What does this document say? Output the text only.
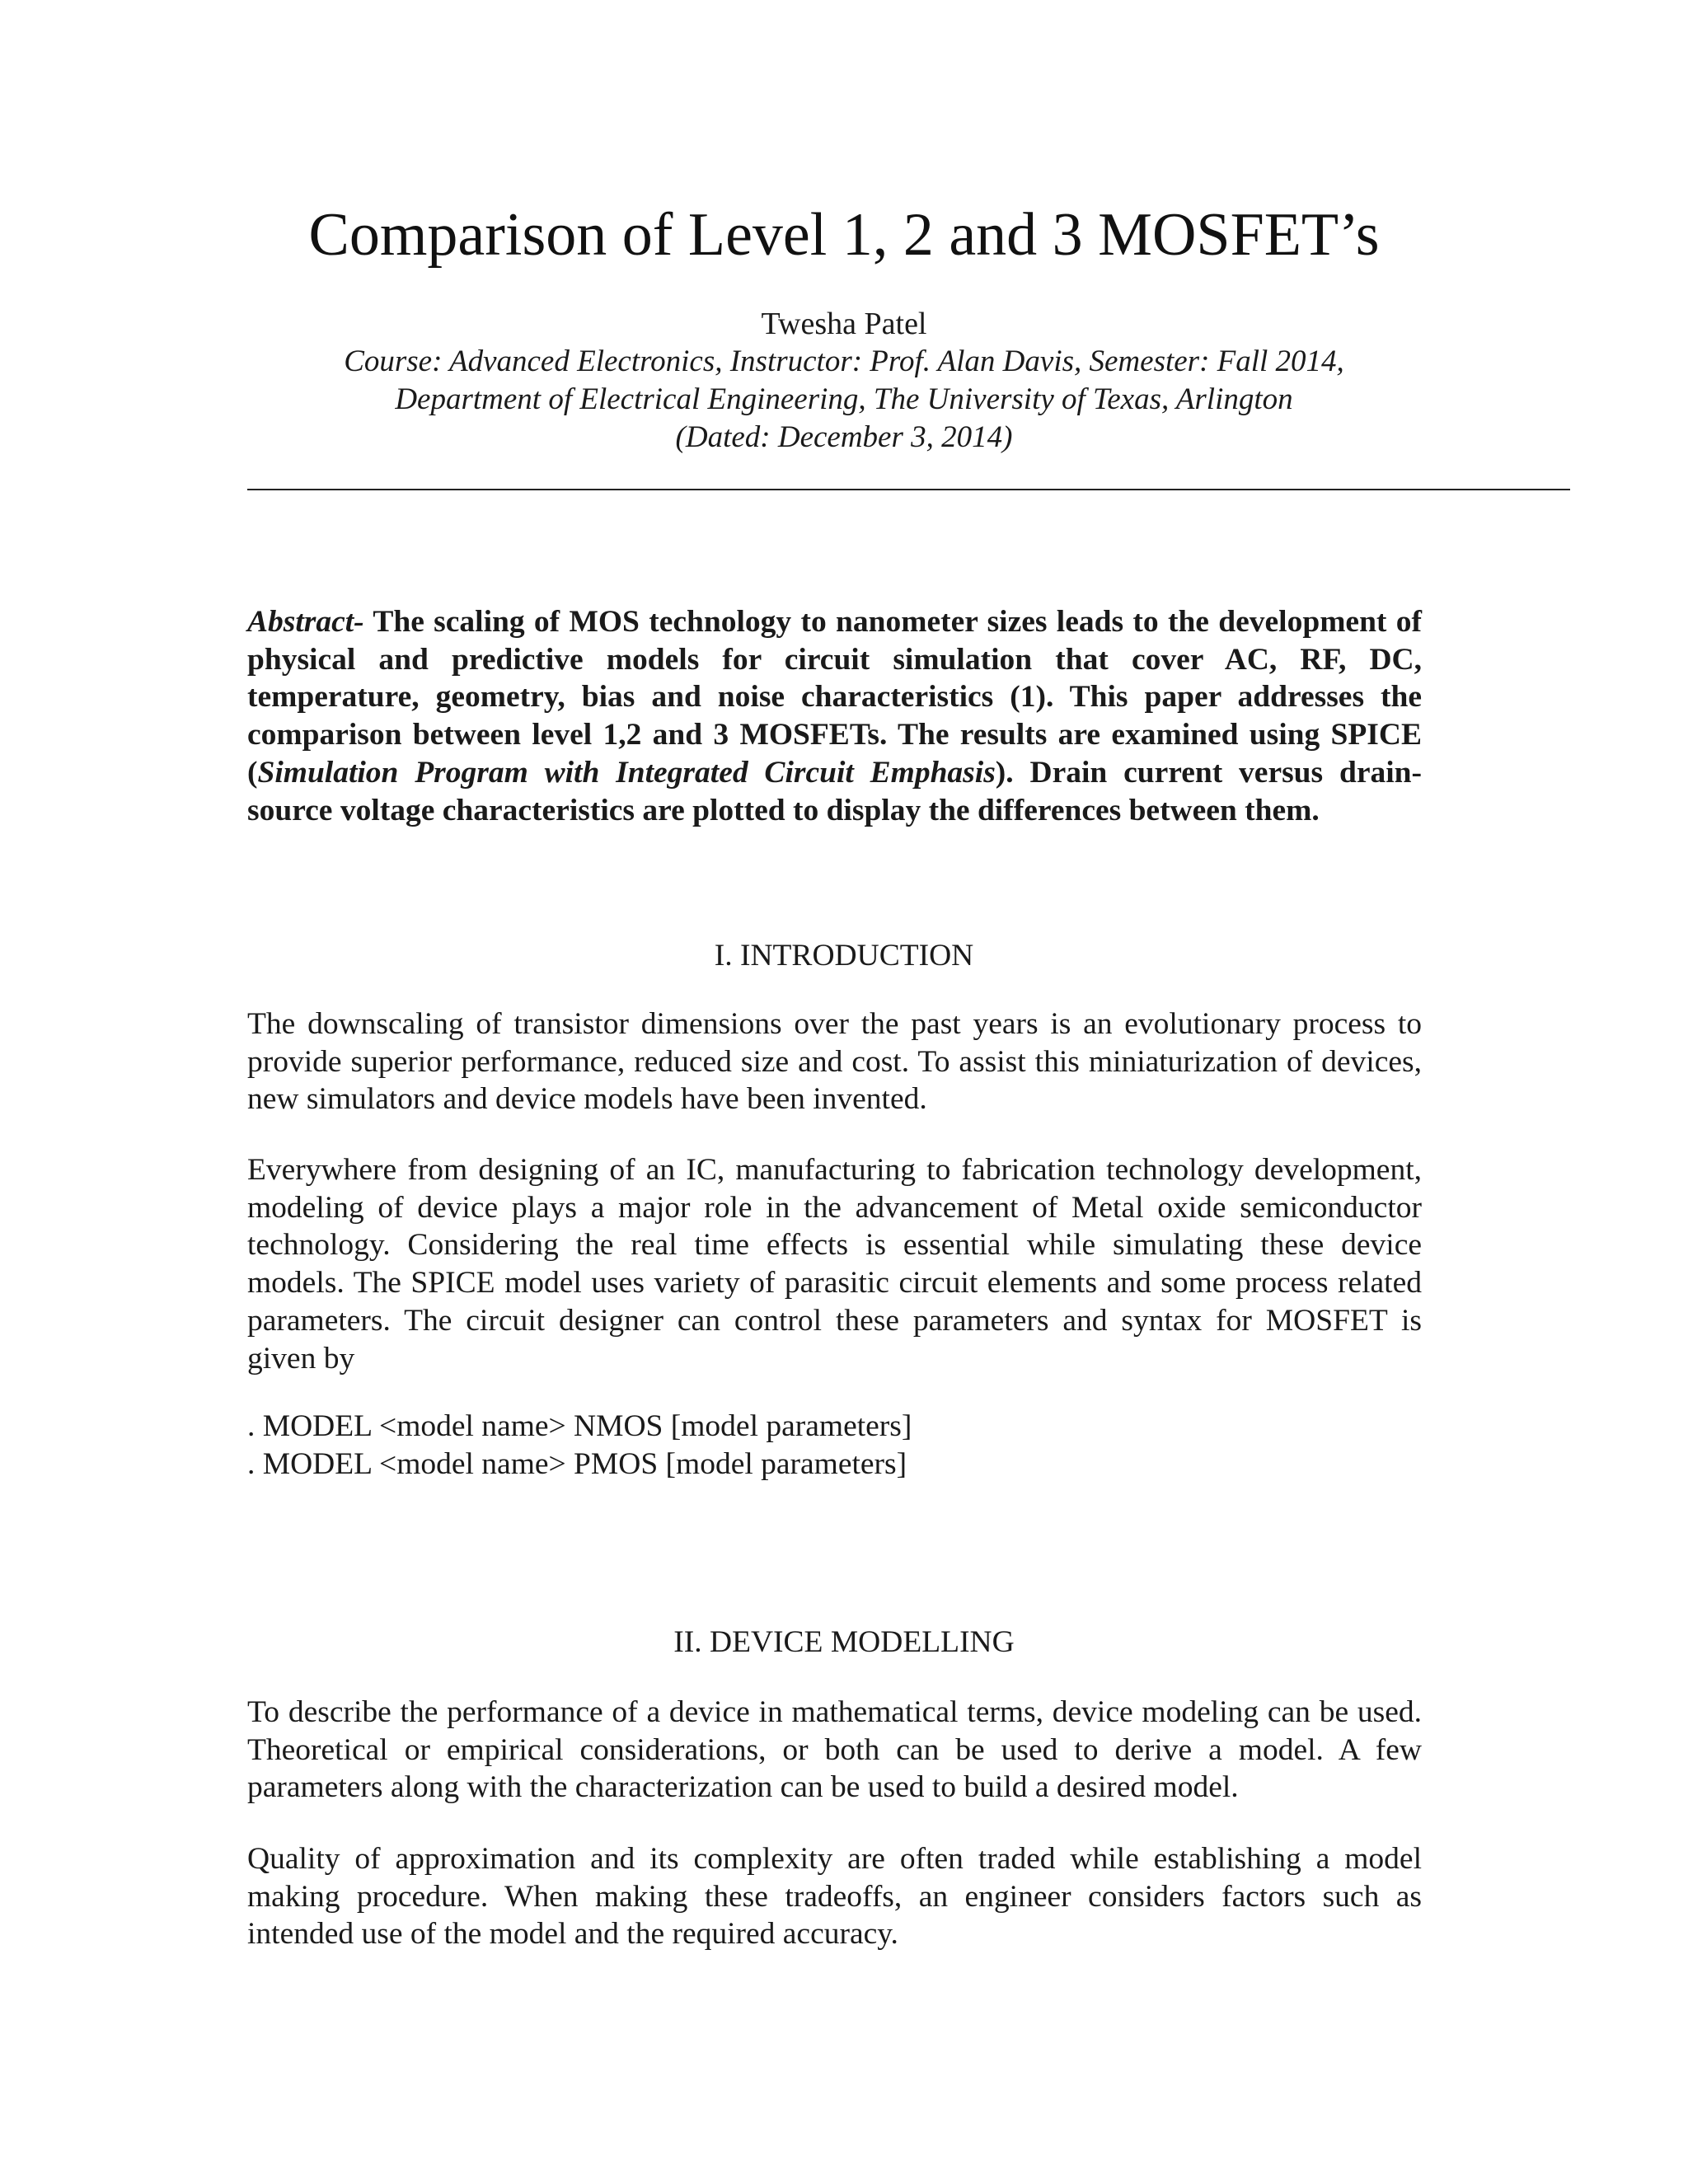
Comparison of Level 1, 2 and 3 MOSFET’s
Twesha Patel
Course: Advanced Electronics, Instructor: Prof. Alan Davis, Semester: Fall 2014,
Department of Electrical Engineering, The University of Texas, Arlington
(Dated: December 3, 2014)

Abstract- The scaling of MOS technology to nanometer sizes leads to the development of physical and predictive models for circuit simulation that cover AC, RF, DC, temperature, geometry, bias and noise characteristics (1). This paper addresses the comparison between level 1,2 and 3 MOSFETs. The results are examined using SPICE (Simulation Program with Integrated Circuit Emphasis). Drain current versus drain-source voltage characteristics are plotted to display the differences between them.

I. INTRODUCTION

The downscaling of transistor dimensions over the past years is an evolutionary process to provide superior performance, reduced size and cost. To assist this miniaturization of devices, new simulators and device models have been invented.

Everywhere from designing of an IC, manufacturing to fabrication technology development, modeling of device plays a major role in the advancement of Metal oxide semiconductor technology. Considering the real time effects is essential while simulating these device models. The SPICE model uses variety of parasitic circuit elements and some process related parameters. The circuit designer can control these parameters and syntax for MOSFET is given by

. MODEL <model name> NMOS [model parameters]
. MODEL <model name> PMOS [model parameters]
II. DEVICE MODELLING

To describe the performance of a device in mathematical terms, device modeling can be used. Theoretical or empirical considerations, or both can be used to derive a model. A few parameters along with the characterization can be used to build a desired model.

Quality of approximation and its complexity are often traded while establishing a model making procedure. When making these tradeoffs, an engineer considers factors such as intended use of the model and the required accuracy.
